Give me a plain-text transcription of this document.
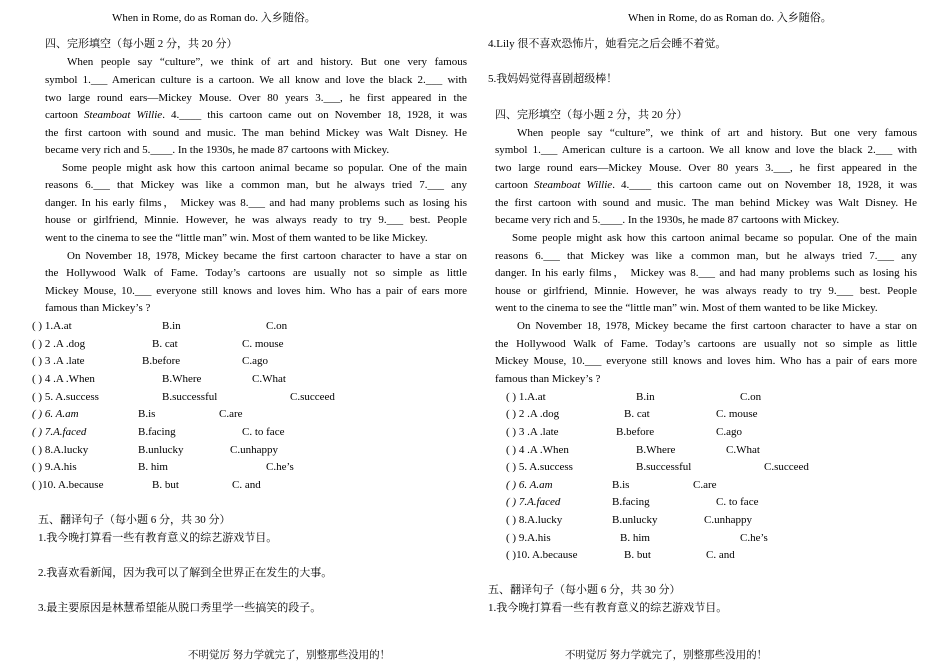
When in Rome, do as Roman do. 入乡随俗。
四、完形填空（每小题 2 分，共 20 分）
When people say “culture”, we think of art and history. But one very famous
symbol 1.___ American culture is a cartoon. We all know and love the black 2.___ with
two large round ears—Mickey Mouse. Over 80 years 3.___, he first appeared in the
cartoon Steamboat Willie. 4.____ this cartoon came out on November 18, 1928, it was
the first cartoon with sound and music. The man behind Mickey was Walt Disney. He
became very rich and 5.____. In the 1930s, he made 87 cartoons with Mickey.
Some people might ask how this cartoon animal became so popular. One of the main
reasons 6.___ that Mickey was like a common man, but he always tried 7.___ any
danger. In his early films， Mickey was 8.___ and had many problems such as losing his
house or girlfriend, Minnie. However, he was always ready to try 9.___ best. People
went to the cinema to see the “little man” win. Most of them wanted to be like Mickey.
On November 18, 1978, Mickey became the first cartoon character to have a star on
the Hollywood Walk of Fame. Today’s cartoons are usually not so simple as little
Mickey Mouse, 10.___ everyone still knows and loves him. Who has a pair of ears more
famous than Mickey’s ?
( ) 1.A.at	B.in	C.on
( ) 2 .A .dog	B. cat	C. mouse
( ) 3 .A .late	B.before	C.ago
( ) 4 .A .When	B.Where	C.What
( ) 5. A.success	B.successful	C.succeed
( ) 6. A.am	B.is	C.are
( ) 7.A.faced	B.facing	C. to face
( ) 8.A.lucky	B.unlucky	C.unhappy
( ) 9.A.his	B. him	C.he’s
( )10. A.because	B. but	C. and
五、翻译句子（每小题 6 分，共 30 分）
1.我今晚打算看一些有教育意义的综艺游戏节目。
2.我喜欢看新闻，因为我可以了解到全世界正在发生的大事。
3.最主要原因是林慧希望能从脱口秀里学一些搞笑的段子。
不明觉厉 努力学就完了，别整那些没用的！
When in Rome, do as Roman do. 入乡随俗。
4.Lily 很不喜欢恐怖片，她看完之后会睡不着觉。
5.我妈妈觉得喜剧超级棒！
四、完形填空（每小题 2 分，共 20 分）
When people say “culture”, we think of art and history. But one very famous
symbol 1.___ American culture is a cartoon. We all know and love the black 2.___ with
two large round ears—Mickey Mouse. Over 80 years 3.___, he first appeared in the
cartoon Steamboat Willie. 4.____ this cartoon came out on November 18, 1928, it was
the first cartoon with sound and music. The man behind Mickey was Walt Disney. He
became very rich and 5.____. In the 1930s, he made 87 cartoons with Mickey.
Some people might ask how this cartoon animal became so popular. One of the main
reasons 6.___ that Mickey was like a common man, but he always tried 7.___ any
danger. In his early films， Mickey was 8.___ and had many problems such as losing his
house or girlfriend, Minnie. However, he was always ready to try 9.___ best. People
went to the cinema to see the “little man” win. Most of them wanted to be like Mickey.
On November 18, 1978, Mickey became the first cartoon character to have a star on
the Hollywood Walk of Fame. Today’s cartoons are usually not so simple as little
Mickey Mouse, 10.___ everyone still knows and loves him. Who has a pair of ears more
famous than Mickey’s ?
( ) 1.A.at	B.in	C.on
( ) 2 .A .dog	B. cat	C. mouse
( ) 3 .A .late	B.before	C.ago
( ) 4 .A .When	B.Where	C.What
( ) 5. A.success	B.successful	C.succeed
( ) 6. A.am	B.is	C.are
( ) 7.A.faced	B.facing	C. to face
( ) 8.A.lucky	B.unlucky	C.unhappy
( ) 9.A.his	B. him	C.he’s
( )10. A.because	B. but	C. and
五、翻译句子（每小题 6 分，共 30 分）
1.我今晚打算看一些有教育意义的综艺游戏节目。
不明觉厉 努力学就完了，别整那些没用的！
